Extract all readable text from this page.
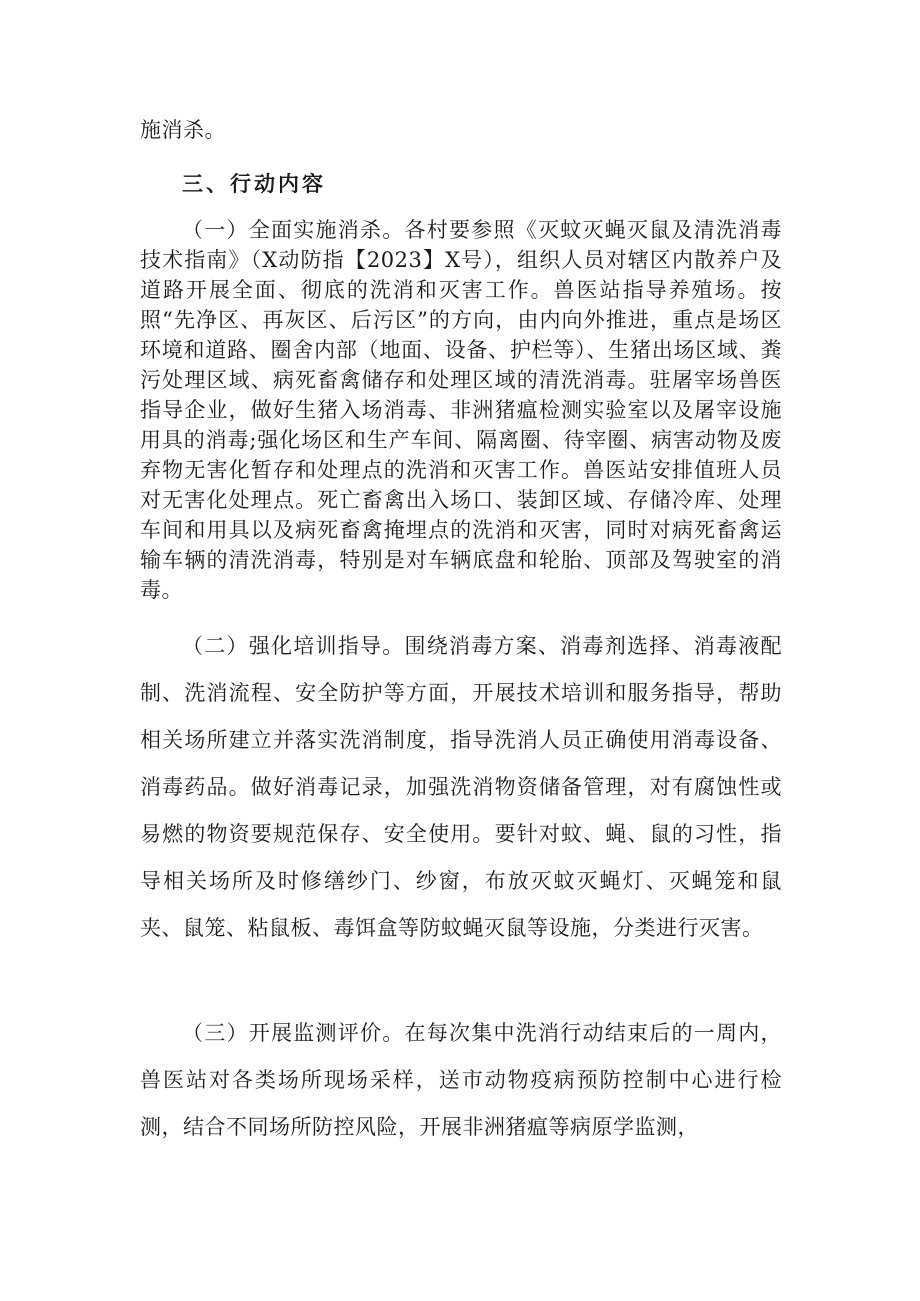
施消杀。

三、行动内容

（一）全面实施消杀。各村要参照《灭蚊灭蝇灭鼠及清洗消毒技术指南》（X动防指【2023】X号），组织人员对辖区内散养户及道路开展全面、彻底的洗消和灭害工作。兽医站指导养殖场。按照“先净区、再灰区、后污区”的方向，由内向外推进，重点是场区环境和道路、圈舍内部（地面、设备、护栏等）、生猪出场区域、粪污处理区域、病死畜禽储存和处理区域的清洗消毒。驻屠宰场兽医指导企业，做好生猪入场消毒、非洲猪瘟检测实验室以及屠宰设施用具的消毒;强化场区和生产车间、隔离圈、待宰圈、病害动物及废弃物无害化暂存和处理点的洗消和灭害工作。兽医站安排值班人员对无害化处理点。死亡畜禽出入场口、装卸区域、存储冷库、处理车间和用具以及病死畜禽掩埋点的洗消和灭害，同时对病死畜禽运输车辆的清洗消毒，特别是对车辆底盘和轮胎、顶部及驾驶室的消毒。

（二）强化培训指导。围绕消毒方案、消毒剂选择、消毒液配制、洗消流程、安全防护等方面，开展技术培训和服务指导，帮助相关场所建立并落实洗消制度，指导洗消人员正确使用消毒设备、消毒药品。做好消毒记录，加强洗消物资储备管理，对有腐蚀性或易燃的物资要规范保存、安全使用。要针对蚊、蝇、鼠的习性，指导相关场所及时修缮纱门、纱窗，布放灭蚊灭蝇灯、灭蝇笼和鼠夹、鼠笼、粘鼠板、毒饵盒等防蚊蝇灭鼠等设施，分类进行灭害。

（三）开展监测评价。在每次集中洗消行动结束后的一周内，兽医站对各类场所现场采样，送市动物疫病预防控制中心进行检测，结合不同场所防控风险，开展非洲猪瘟等病原学监测，
